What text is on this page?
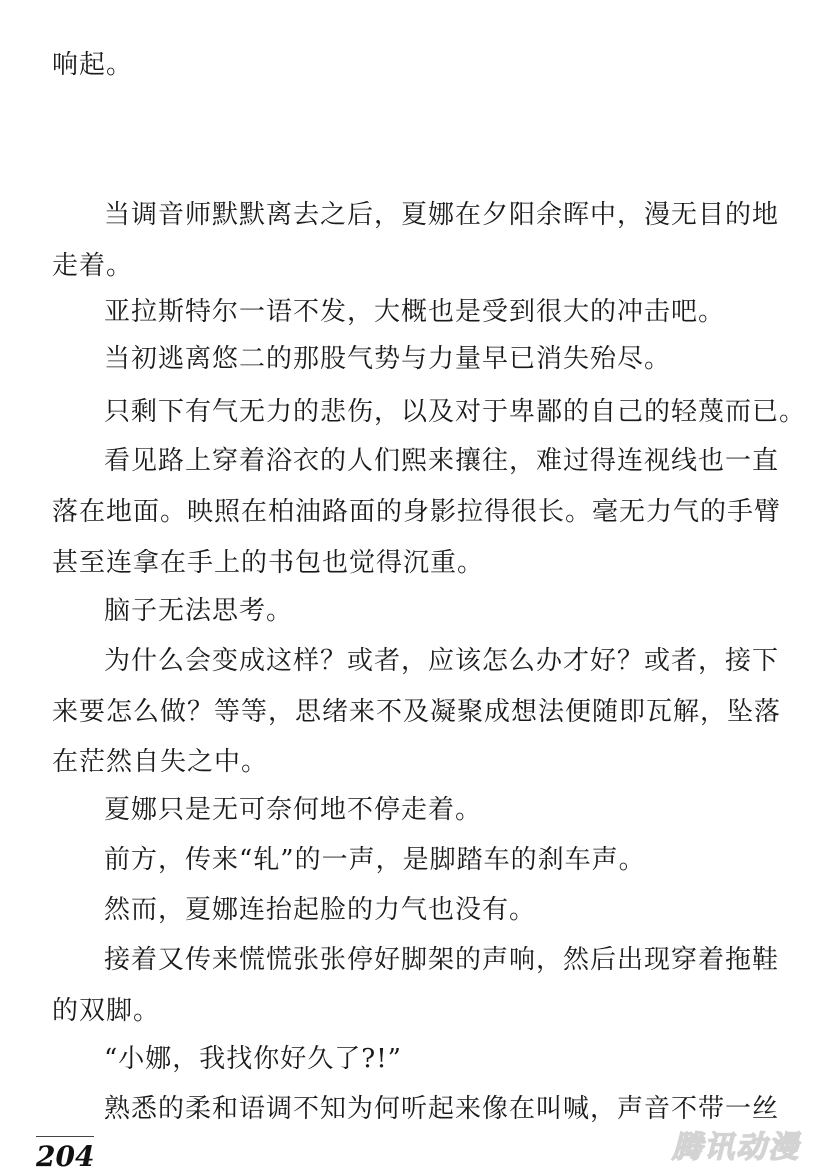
响起。
当调音师默默离去之后，夏娜在夕阳余晖中，漫无目的地
走着。
亚拉斯特尔一语不发，大概也是受到很大的冲击吧。
当初逃离悠二的那股气势与力量早已消失殆尽。
只剩下有气无力的悲伤，以及对于卑鄙的自己的轻蔑而已。
看见路上穿着浴衣的人们熙来攘往，难过得连视线也一直
落在地面。映照在柏油路面的身影拉得很长。毫无力气的手臂
甚至连拿在手上的书包也觉得沉重。
脑子无法思考。
为什么会变成这样？或者，应该怎么办才好？或者，接下
来要怎么做？等等，思绪来不及凝聚成想法便随即瓦解，坠落
在茫然自失之中。
夏娜只是无可奈何地不停走着。
前方，传来“轧”的一声，是脚踏车的刹车声。
然而，夏娜连抬起脸的力气也没有。
接着又传来慌慌张张停好脚架的声响，然后出现穿着拖鞋
的双脚。
“小娜，我找你好久了?!”
熟悉的柔和语调不知为何听起来像在叫喊，声音不带一丝
204	腾讯动漫
